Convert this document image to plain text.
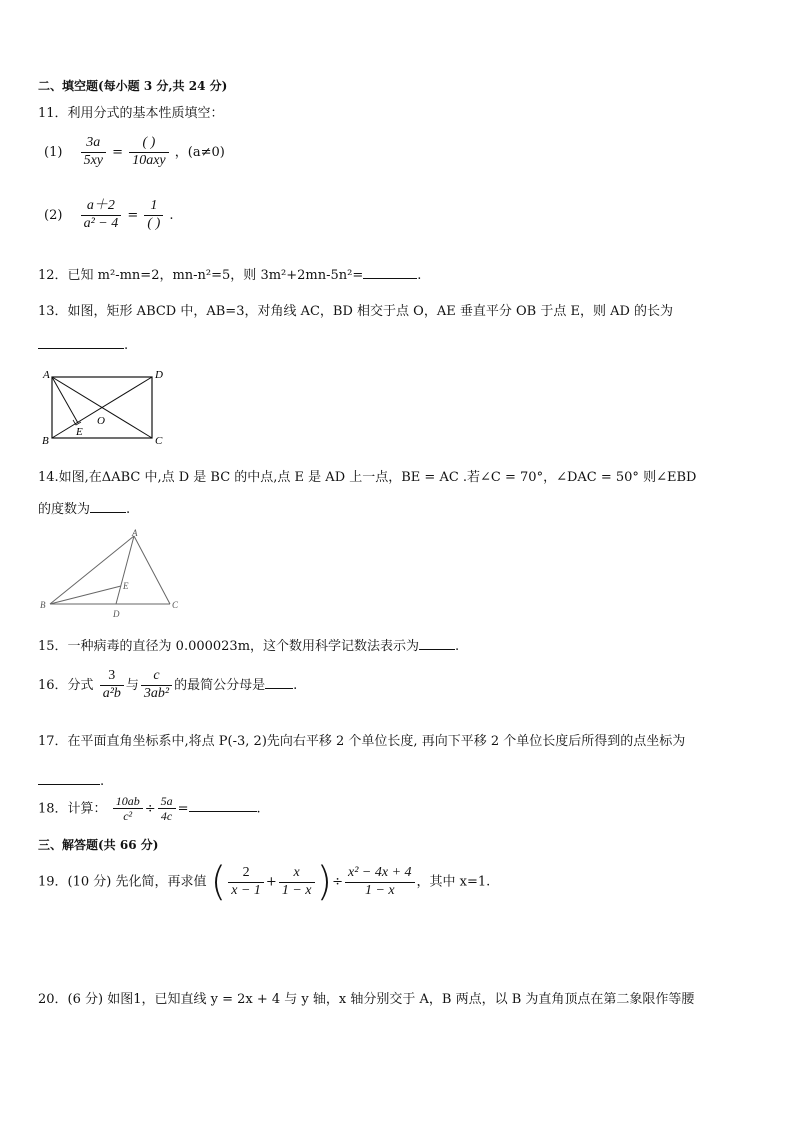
二、填空题(每小题 3 分,共 24 分)
11．利用分式的基本性质填空：
$(1) \frac{3a}{5xy} = \frac{( )}{\text{10axy}}$ ，(a≠0)
$(2) \frac{a+2}{\text{a² − 4}} = \frac{1}{( )}$ .
12．已知 m²-mn=2，mn-n²=5，则 3m²+2mn-5n²=	.
13．如图，矩形 ABCD 中，AB=3，对角线 AC，BD 相交于点 O，AE 垂直平分 OB 于点 E，则 AD 的长为
.
A	D
B	C
E
O
14.如图,在ΔABC 中,点 D 是 BC 的中点,点 E 是 AD 上一点，BE = AC .若∠C = 70°，∠DAC = 50° 则∠EBD
的度数为	.
A
B	C
D
E
15．一种病毒的直径为 0.000023m，这个数用科学记数法表示为	.
16．分式 $\frac{3}{\text{a²b}}$ 与 $\frac{c}{\text{3ab²}}$ 的最简公分母是 .
17．在平面直角坐标系中,将点 P(-3, 2)先向右平移 2 个单位长度, 再向下平移 2 个单位长度后所得到的点坐标为
.
18．计算： $\frac{10ab}{\text{c²}} \div \frac{5a}{4c}$ =	.
三、解答题(共 66 分)
19．(10 分) 先化简，再求值 ( $\frac{2}{x - 1} + \frac{x}{1 - x}$ )÷ $\frac{\text{x² − 4x + 4}}{1 - x}$ ，其中 x=1.
20．(6 分) 如图1，已知直线 y = 2x + 4 与 y 轴，x 轴分别交于 A，B 两点，以 B 为直角顶点在第二象限作等腰
